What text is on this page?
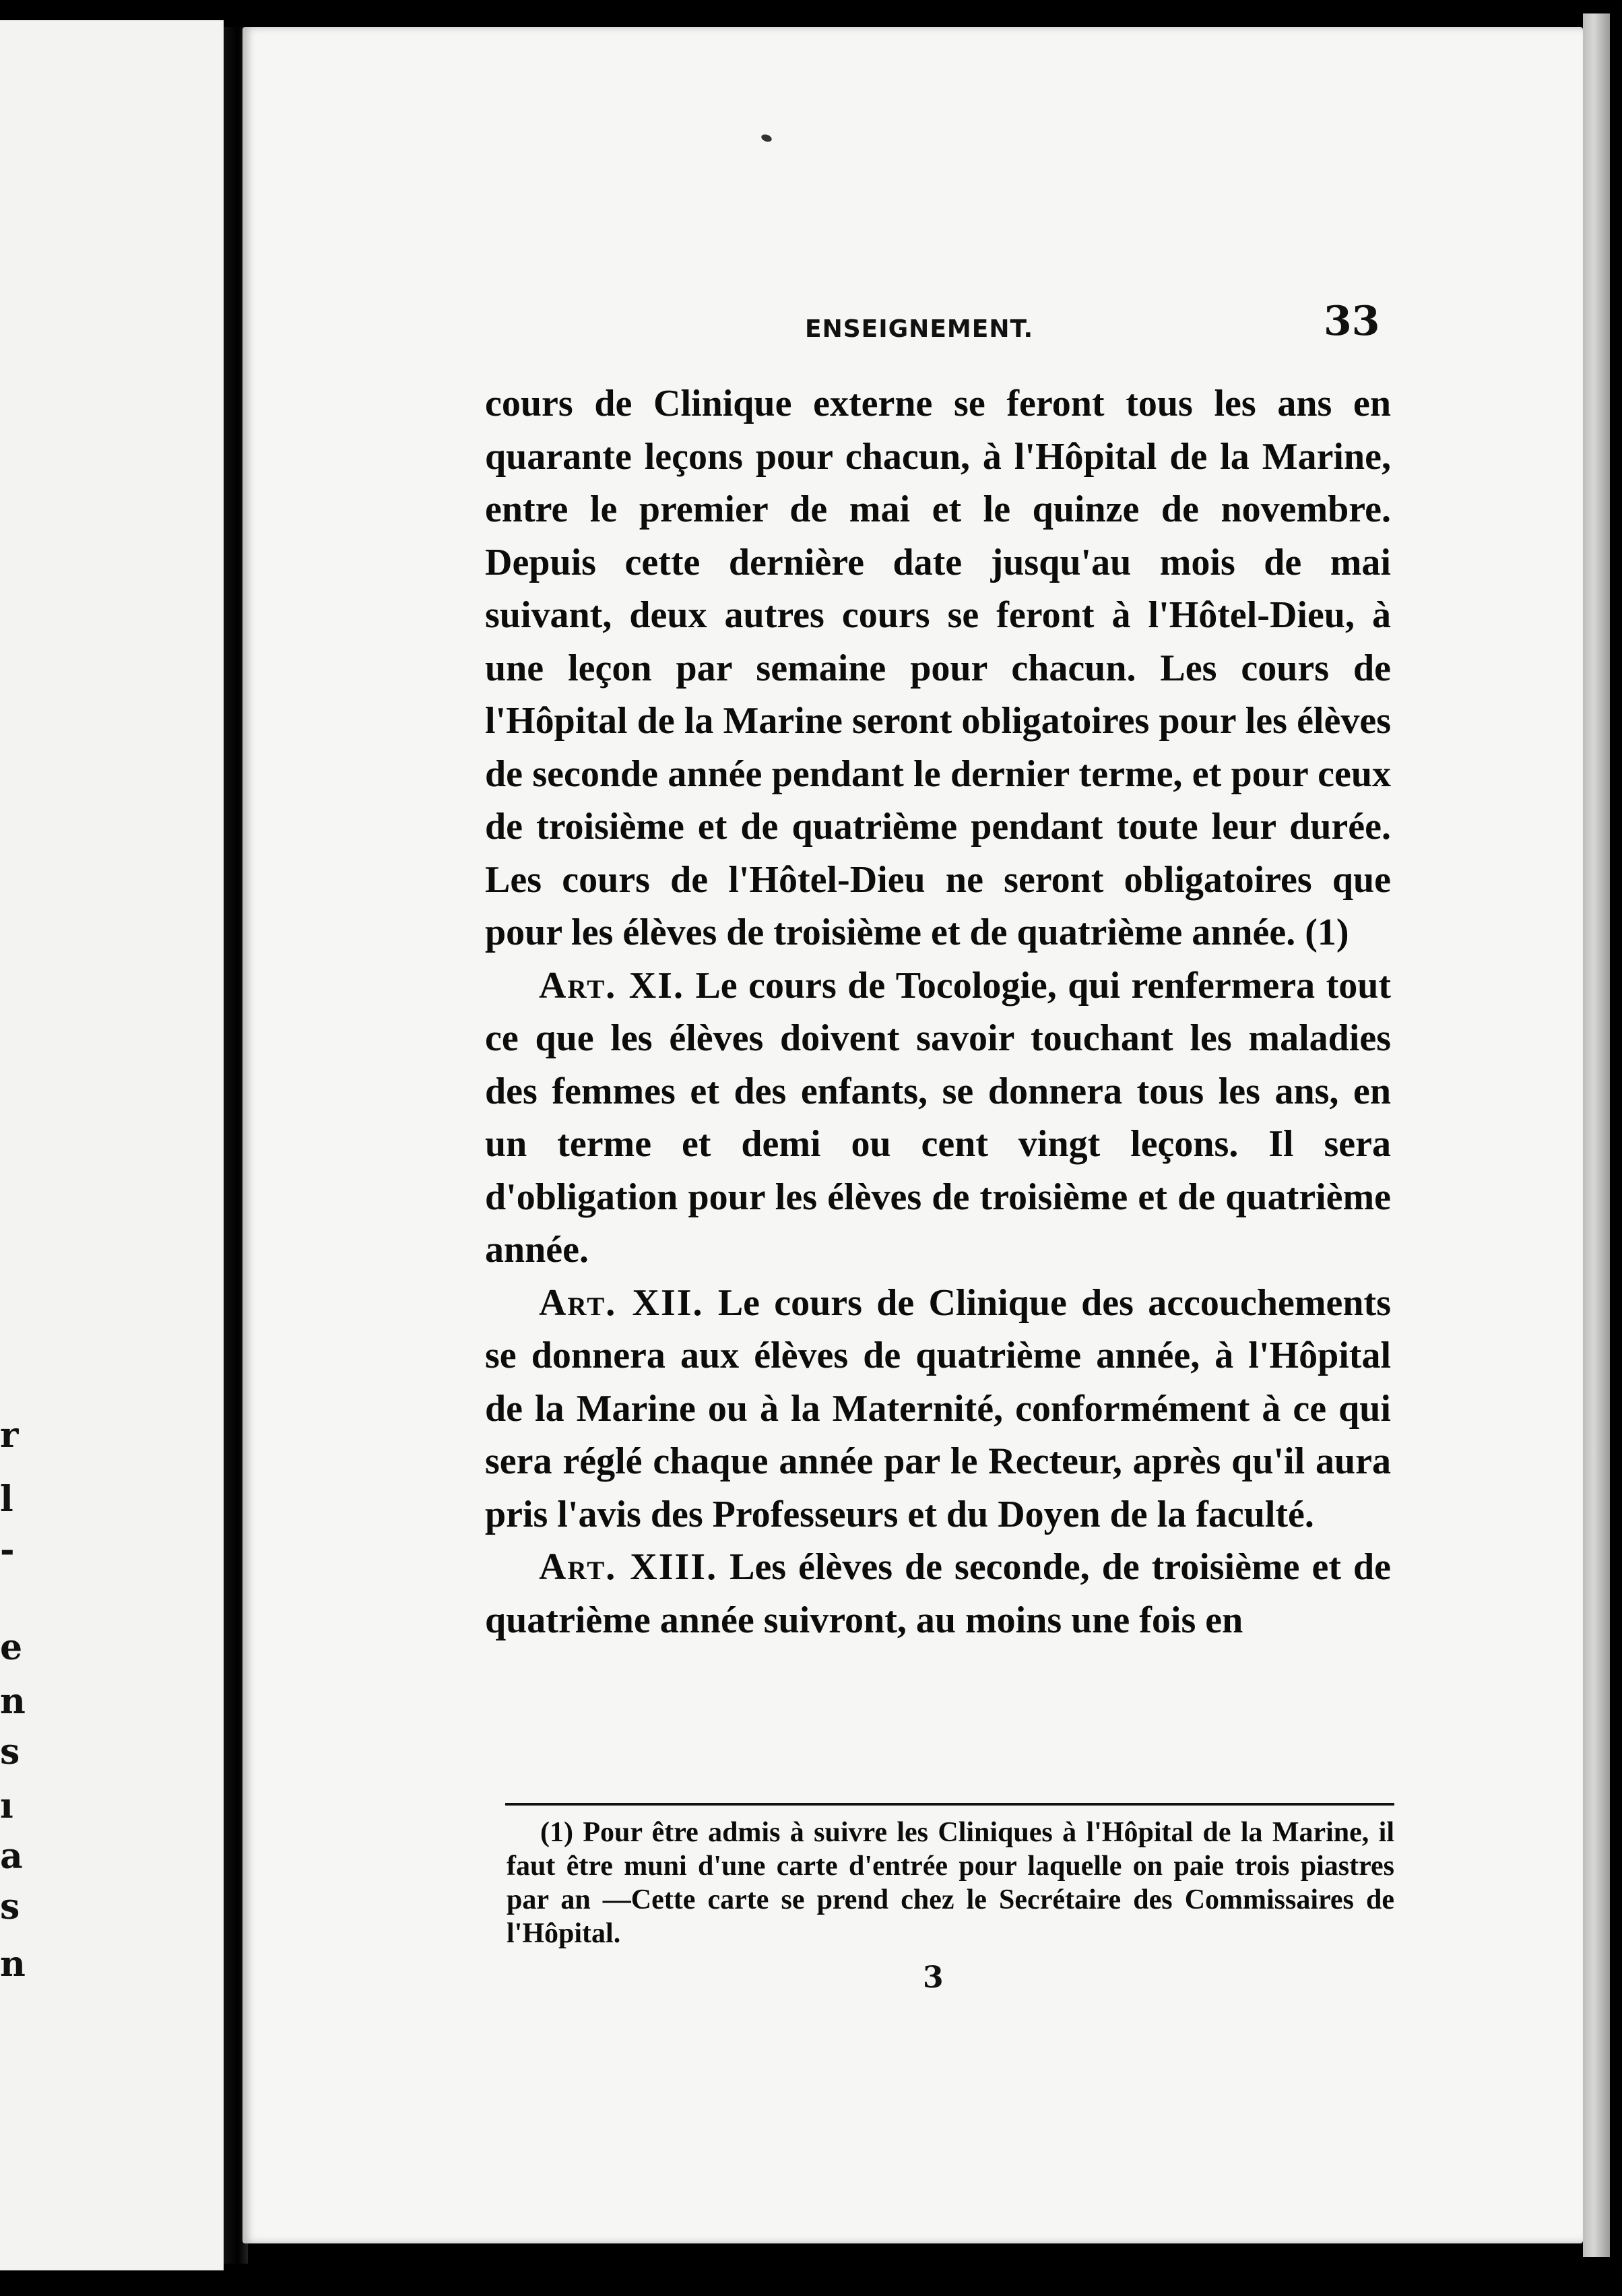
r
l
-
e
n
s
ı
a
s
n
ENSEIGNEMENT.	33

cours de Clinique externe se feront tous les ans en quarante leçons pour chacun, à l'Hôpital de la Marine, entre le premier de mai et le quinze de novembre. Depuis cette dernière date jusqu'au mois de mai suivant, deux autres cours se feront à l'Hôtel-Dieu, à une leçon par semaine pour chacun. Les cours de l'Hôpital de la Marine seront obligatoires pour les élèves de seconde année pendant le dernier terme, et pour ceux de troisième et de quatrième pendant toute leur durée. Les cours de l'Hôtel-Dieu ne seront obligatoires que pour les élèves de troisième et de quatrième année. (1)

Art. XI. Le cours de Tocologie, qui renfermera tout ce que les élèves doivent savoir touchant les maladies des femmes et des enfants, se donnera tous les ans, en un terme et demi ou cent vingt leçons. Il sera d'obligation pour les élèves de troisième et de quatrième année.

Art. XII. Le cours de Clinique des accouchements se donnera aux élèves de quatrième année, à l'Hôpital de la Marine ou à la Maternité, conformément à ce qui sera réglé chaque année par le Recteur, après qu'il aura pris l'avis des Professeurs et du Doyen de la faculté.

Art. XIII. Les élèves de seconde, de troisième et de quatrième année suivront, au moins une fois en

(1) Pour être admis à suivre les Cliniques à l'Hôpital de la Marine, il faut être muni d'une carte d'entrée pour laquelle on paie trois piastres par an —Cette carte se prend chez le Secrétaire des Commissaires de l'Hôpital.

3
